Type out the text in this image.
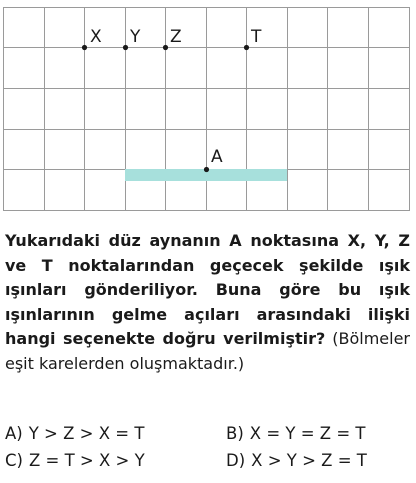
X Y Z	T
A

Yukarıdaki düz aynanın A noktasına X, Y, Z ve T noktalarından geçecek şekilde ışık ışınları gönderiliyor. Buna göre bu ışık ışınlarının gelme açıları arasındaki ilişki hangi seçenekte doğru verilmiştir? (Bölmeler eşit karelerden oluşmaktadır.)

A) Y > Z > X = T	B) X = Y = Z = T
C) Z = T > X > Y	D) X > Y > Z = T
